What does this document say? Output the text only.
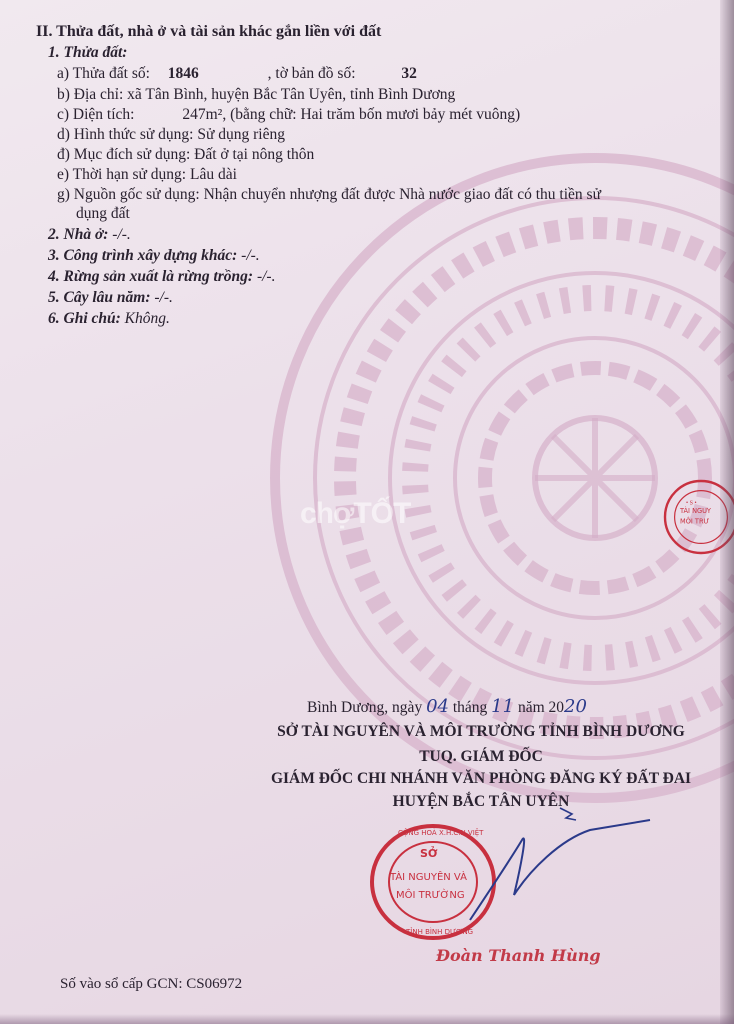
chợTỐT
II. Thửa đất, nhà ở và tài sản khác gắn liền với đất
1. Thửa đất:
a) Thửa đất số: 1846	, tờ bản đồ số:	32
b) Địa chỉ: xã Tân Bình, huyện Bắc Tân Uyên, tỉnh Bình Dương
c) Diện tích:	247m², (bằng chữ: Hai trăm bốn mươi bảy mét vuông)
d) Hình thức sử dụng: Sử dụng riêng
đ) Mục đích sử dụng: Đất ở tại nông thôn
e) Thời hạn sử dụng: Lâu dài
g) Nguồn gốc sử dụng: Nhận chuyển nhượng đất được Nhà nước giao đất có thu tiền sử
dụng đất
2. Nhà ở: -/-.
3. Công trình xây dựng khác: -/-.
4. Rừng sản xuất là rừng trồng: -/-.
5. Cây lâu năm: -/-.
6. Ghi chú: Không.
TÀI NGUY
MÔI TRƯ
• S •
Bình Dương, ngày 04 tháng 11 năm 2020
SỞ TÀI NGUYÊN VÀ MÔI TRƯỜNG TỈNH BÌNH DƯƠNG
TUQ. GIÁM ĐỐC
GIÁM ĐỐC CHI NHÁNH VĂN PHÒNG ĐĂNG KÝ ĐẤT ĐAI
HUYỆN BẮC TÂN UYÊN
SỞ
TÀI NGUYÊN VÀ
MÔI TRƯỜNG
CỘNG HOÀ X.H.C.N VIỆT
TỈNH BÌNH DƯƠNG
Đoàn Thanh Hùng
Số vào sổ cấp GCN: CS06972
